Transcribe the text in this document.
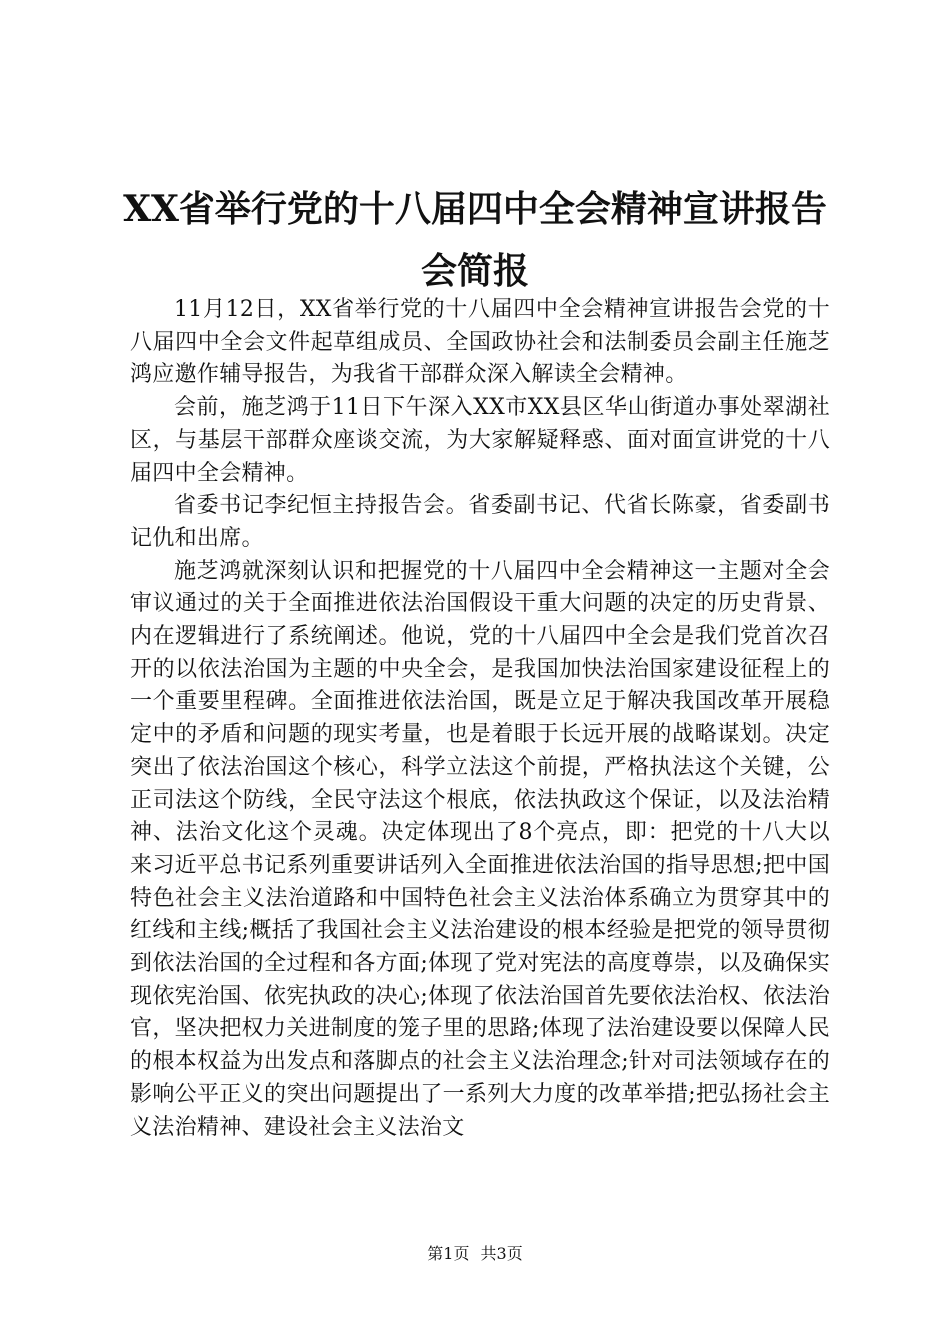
XX省举行党的十八届四中全会精神宣讲报告
会简报

11月12日，XX省举行党的十八届四中全会精神宣讲报告会党的十八届四中全会文件起草组成员、全国政协社会和法制委员会副主任施芝鸿应邀作辅导报告，为我省干部群众深入解读全会精神。

会前，施芝鸿于11日下午深入XX市XX县区华山街道办事处翠湖社区，与基层干部群众座谈交流，为大家解疑释惑、面对面宣讲党的十八届四中全会精神。

省委书记李纪恒主持报告会。省委副书记、代省长陈豪，省委副书记仇和出席。

施芝鸿就深刻认识和把握党的十八届四中全会精神这一主题对全会审议通过的关于全面推进依法治国假设干重大问题的决定的历史背景、内在逻辑进行了系统阐述。他说，党的十八届四中全会是我们党首次召开的以依法治国为主题的中央全会，是我国加快法治国家建设征程上的一个重要里程碑。全面推进依法治国，既是立足于解决我国改革开展稳定中的矛盾和问题的现实考量，也是着眼于长远开展的战略谋划。决定突出了依法治国这个核心，科学立法这个前提，严格执法这个关键，公正司法这个防线，全民守法这个根底，依法执政这个保证，以及法治精神、法治文化这个灵魂。决定体现出了8个亮点，即：把党的十八大以来习近平总书记系列重要讲话列入全面推进依法治国的指导思想;把中国特色社会主义法治道路和中国特色社会主义法治体系确立为贯穿其中的红线和主线;概括了我国社会主义法治建设的根本经验是把党的领导贯彻到依法治国的全过程和各方面;体现了党对宪法的高度尊崇，以及确保实现依宪治国、依宪执政的决心;体现了依法治国首先要依法治权、依法治官，坚决把权力关进制度的笼子里的思路;体现了法治建设要以保障人民的根本权益为出发点和落脚点的社会主义法治理念;针对司法领域存在的影响公平正义的突出问题提出了一系列大力度的改革举措;把弘扬社会主义法治精神、建设社会主义法治文

第1页 共3页
